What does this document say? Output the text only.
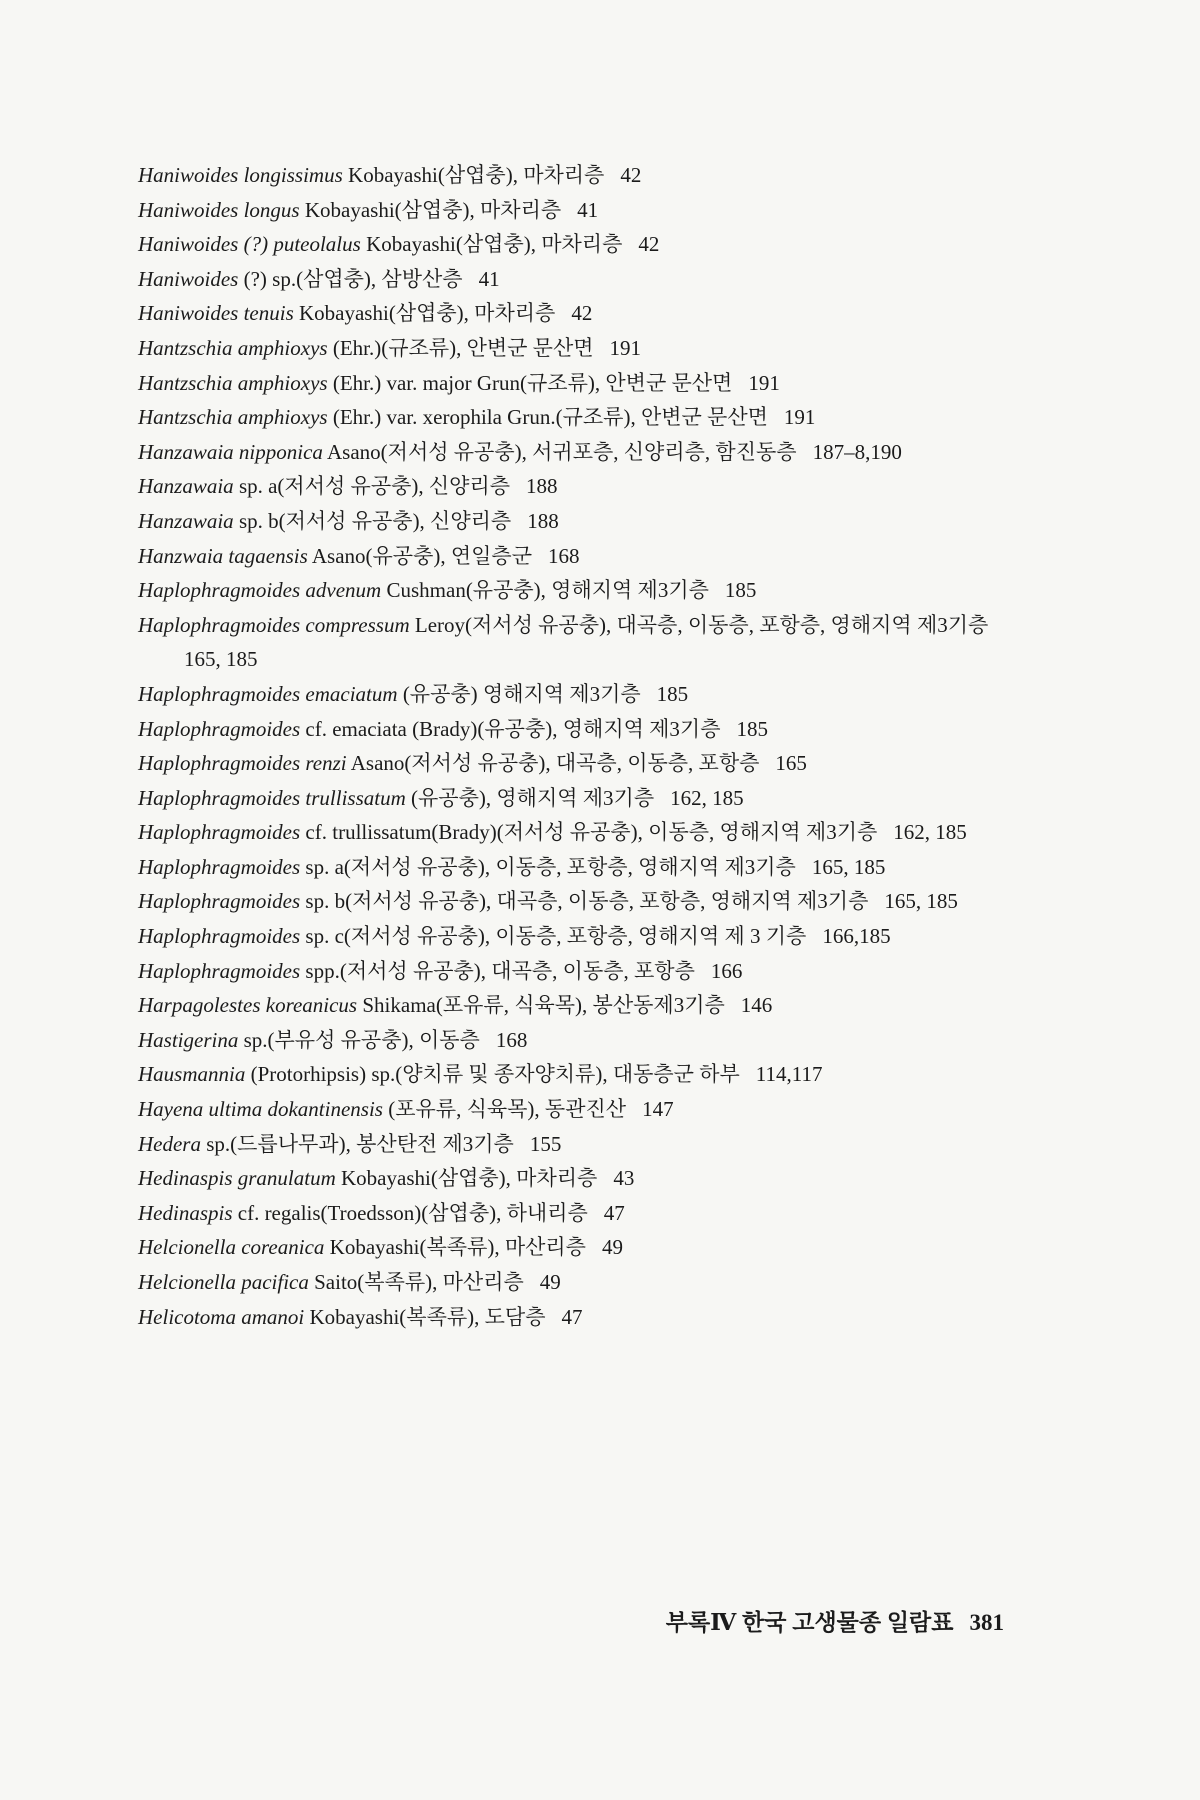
Haniwoides longissimus Kobayashi(삼엽충), 마차리층 42
Haniwoides longus Kobayashi(삼엽충), 마차리층 41
Haniwoides (?) puteolalus Kobayashi(삼엽충), 마차리층 42
Haniwoides (?) sp.(삼엽충), 삼방산층 41
Haniwoides tenuis Kobayashi(삼엽충), 마차리층 42
Hantzschia amphioxys (Ehr.)(규조류), 안변군 문산면 191
Hantzschia amphioxys (Ehr.) var. major Grun(규조류), 안변군 문산면 191
Hantzschia amphioxys (Ehr.) var. xerophila Grun.(규조류), 안변군 문산면 191
Hanzawaia nipponica Asano(저서성 유공충), 서귀포층, 신양리층, 함진동층 187–8,190
Hanzawaia sp. a(저서성 유공충), 신양리층 188
Hanzawaia sp. b(저서성 유공충), 신양리층 188
Hanzwaia tagaensis Asano(유공충), 연일층군 168
Haplophragmoides advenum Cushman(유공충), 영해지역 제3기층 185
Haplophragmoides compressum Leroy(저서성 유공충), 대곡층, 이동층, 포항층, 영해지역 제3기층165, 185
Haplophragmoides emaciatum (유공충) 영해지역 제3기층 185
Haplophragmoides cf. emaciata (Brady)(유공충), 영해지역 제3기층 185
Haplophragmoides renzi Asano(저서성 유공충), 대곡층, 이동층, 포항층 165
Haplophragmoides trullissatum (유공충), 영해지역 제3기층 162, 185
Haplophragmoides cf. trullissatum(Brady)(저서성 유공충), 이동층, 영해지역 제3기층 162, 185
Haplophragmoides sp. a(저서성 유공충), 이동층, 포항층, 영해지역 제3기층 165, 185
Haplophragmoides sp. b(저서성 유공충), 대곡층, 이동층, 포항층, 영해지역 제3기층 165, 185
Haplophragmoides sp. c(저서성 유공충), 이동층, 포항층, 영해지역 제 3 기층 166,185
Haplophragmoides spp.(저서성 유공충), 대곡층, 이동층, 포항층 166
Harpagolestes koreanicus Shikama(포유류, 식육목), 봉산동제3기층 146
Hastigerina sp.(부유성 유공충), 이동층 168
Hausmannia (Protorhipsis) sp.(양치류 및 종자양치류), 대동층군 하부 114,117
Hayena ultima dokantinensis (포유류, 식육목), 동관진산 147
Hedera sp.(드릅나무과), 봉산탄전 제3기층 155
Hedinaspis granulatum Kobayashi(삼엽충), 마차리층 43
Hedinaspis cf. regalis(Troedsson)(삼엽충), 하내리층 47
Helcionella coreanica Kobayashi(복족류), 마산리층 49
Helcionella pacifica Saito(복족류), 마산리층 49
Helicotoma amanoi Kobayashi(복족류), 도담층 47
부록Ⅳ 한국 고생물종 일람표 381
